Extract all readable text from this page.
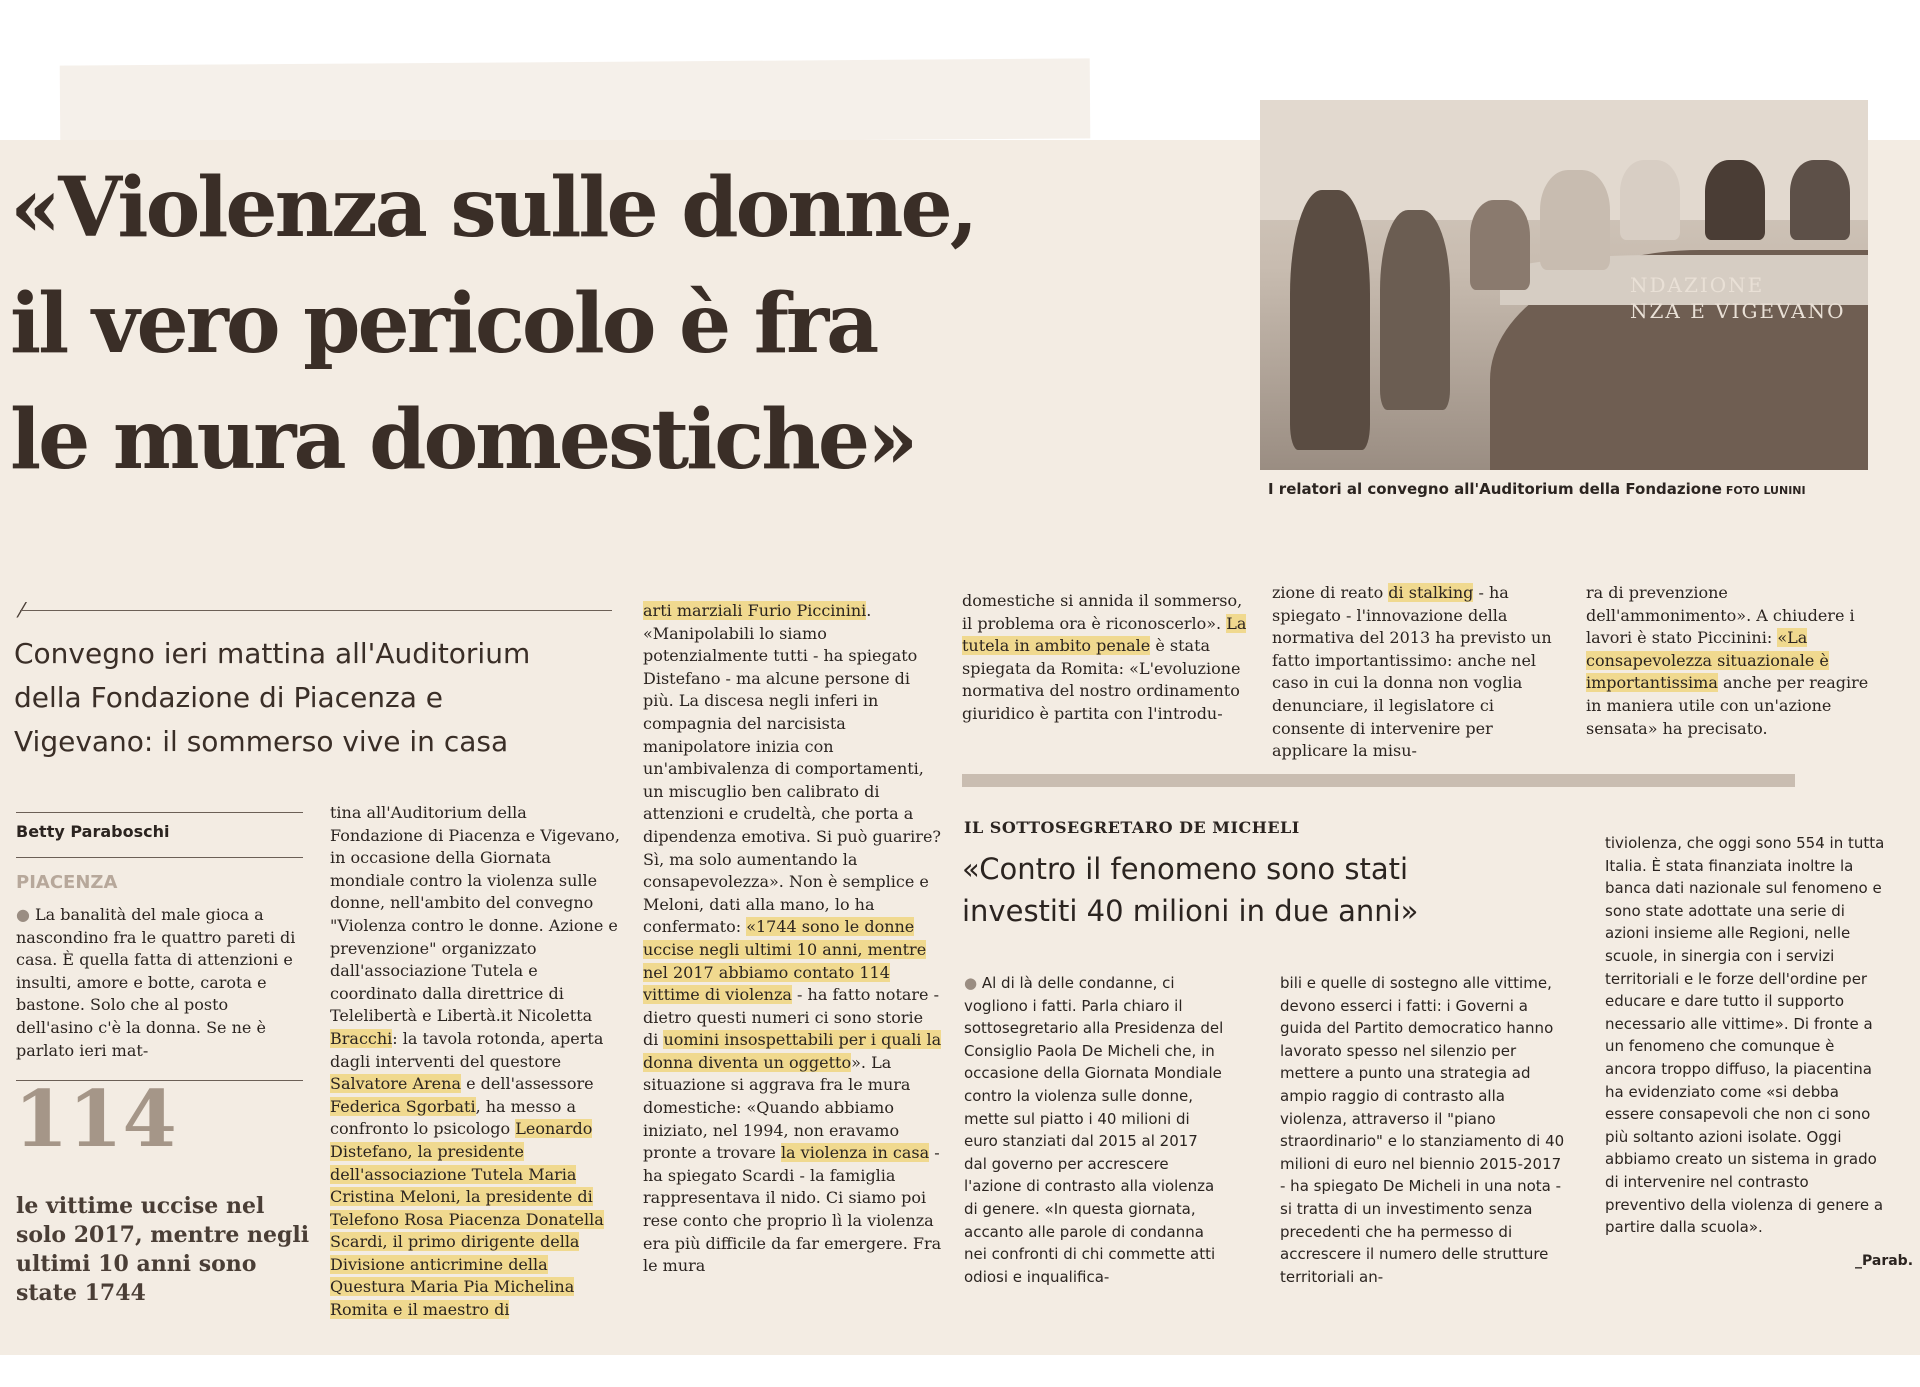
«Violenza sulle donne,
il vero pericolo è fra
le mura domestiche»
NDAZIONE
NZA E VIGEVANO
I relatori al convegno all'Auditorium della Fondazione FOTO LUNINI
Convegno ieri mattina all'Auditorium della Fondazione di Piacenza e Vigevano: il sommerso vive in casa
Betty Paraboschi
PIACENZA

● La banalità del male gioca a nascondino fra le quattro pareti di casa. È quella fatta di attenzioni e insulti, amore e botte, carota e bastone. Solo che al posto dell'asino c'è la donna. Se ne è parlato ieri mat-

114
le vittime uccise nel solo 2017, mentre negli ultimi 10 anni sono state 1744

tina all'Auditorium della Fondazione di Piacenza e Vigevano, in occasione della Giornata mondiale contro la violenza sulle donne, nell'ambito del convegno "Violenza contro le donne. Azione e prevenzione" organizzato dall'associazione Tutela e coordinato dalla direttrice di Telelibertà e Libertà.it Nicoletta Bracchi: la tavola rotonda, aperta dagli interventi del questore Salvatore Arena e dell'assessore Federica Sgorbati, ha messo a confronto lo psicologo Leonardo Distefano, la presidente dell'associazione Tutela Maria Cristina Meloni, la presidente di Telefono Rosa Piacenza Donatella Scardi, il primo dirigente della Divisione anticrimine della Questura Maria Pia Michelina Romita e il maestro di

arti marziali Furio Piccinini. «Manipolabili lo siamo potenzialmente tutti - ha spiegato Distefano - ma alcune persone di più. La discesa negli inferi in compagnia del narcisista manipolatore inizia con un'ambivalenza di comportamenti, un miscuglio ben calibrato di attenzioni e crudeltà, che porta a dipendenza emotiva. Si può guarire? Sì, ma solo aumentando la consapevolezza». Non è semplice e Meloni, dati alla mano, lo ha confermato: «1744 sono le donne uccise negli ultimi 10 anni, mentre nel 2017 abbiamo contato 114 vittime di violenza - ha fatto notare - dietro questi numeri ci sono storie di uomini insospettabili per i quali la donna diventa un oggetto». La situazione si aggrava fra le mura domestiche: «Quando abbiamo iniziato, nel 1994, non eravamo pronte a trovare la violenza in casa - ha spiegato Scardi - la famiglia rappresentava il nido. Ci siamo poi rese conto che proprio lì la violenza era più difficile da far emergere. Fra le mura

domestiche si annida il sommerso, il problema ora è riconoscerlo». La tutela in ambito penale è stata spiegata da Romita: «L'evoluzione normativa del nostro ordinamento giuridico è partita con l'introdu-

zione di reato di stalking - ha spiegato - l'innovazione della normativa del 2013 ha previsto un fatto importantissimo: anche nel caso in cui la donna non voglia denunciare, il legislatore ci consente di intervenire per applicare la misu-

ra di prevenzione dell'ammonimento». A chiudere i lavori è stato Piccinini: «La consapevolezza situazionale è importantissima anche per reagire in maniera utile con un'azione sensata» ha precisato.

IL SOTTOSEGRETARO DE MICHELI
«Contro il fenomeno sono stati investiti 40 milioni in due anni»

● Al di là delle condanne, ci vogliono i fatti. Parla chiaro il sottosegretario alla Presidenza del Consiglio Paola De Micheli che, in occasione della Giornata Mondiale contro la violenza sulle donne, mette sul piatto i 40 milioni di euro stanziati dal 2015 al 2017 dal governo per accrescere l'azione di contrasto alla violenza di genere. «In questa giornata, accanto alle parole di condanna nei confronti di chi commette atti odiosi e inqualifica-

bili e quelle di sostegno alle vittime, devono esserci i fatti: i Governi a guida del Partito democratico hanno lavorato spesso nel silenzio per mettere a punto una strategia ad ampio raggio di contrasto alla violenza, attraverso il "piano straordinario" e lo stanziamento di 40 milioni di euro nel biennio 2015-2017 - ha spiegato De Micheli in una nota - si tratta di un investimento senza precedenti che ha permesso di accrescere il numero delle strutture territoriali an-

tiviolenza, che oggi sono 554 in tutta Italia. È stata finanziata inoltre la banca dati nazionale sul fenomeno e sono state adottate una serie di azioni insieme alle Regioni, nelle scuole, in sinergia con i servizi territoriali e le forze dell'ordine per educare e dare tutto il supporto necessario alle vittime». Di fronte a un fenomeno che comunque è ancora troppo diffuso, la piacentina ha evidenziato come «si debba essere consapevoli che non ci sono più soltanto azioni isolate. Oggi abbiamo creato un sistema in grado di intervenire nel contrasto preventivo della violenza di genere a partire dalla scuola».

_Parab.
